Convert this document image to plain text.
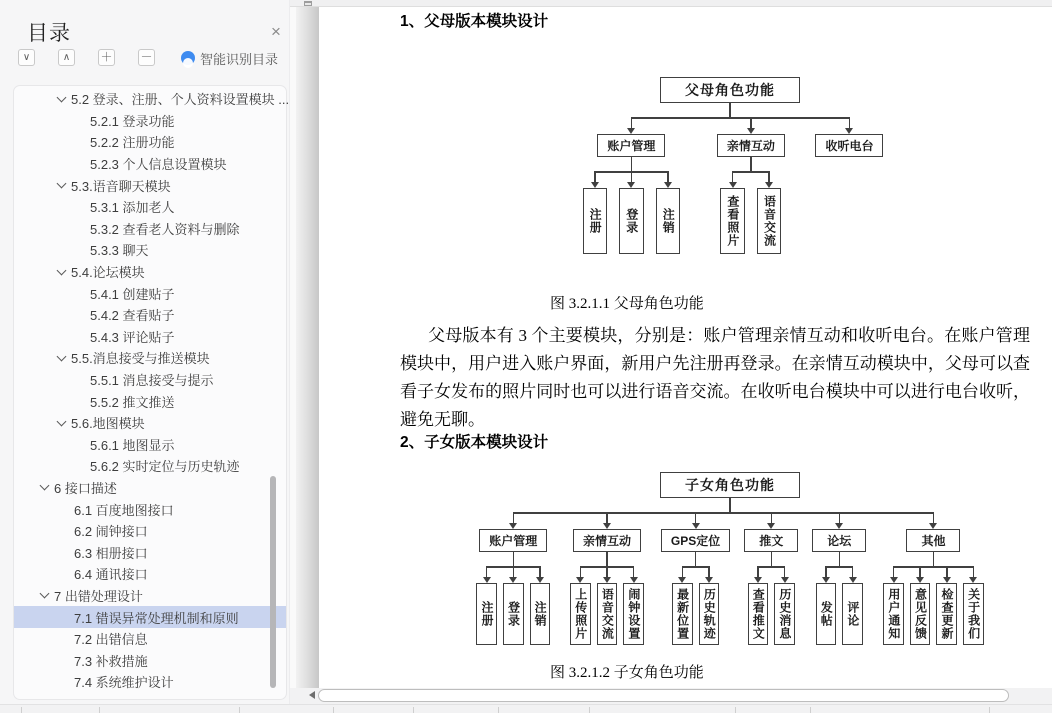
目录	×
∨	∧	＋ －	智能识别目录
5.2 登录、注册、个人资料设置模块 ...
5.2.1 登录功能
5.2.2 注册功能
5.2.3 个人信息设置模块
5.3.语音聊天模块
5.3.1 添加老人
5.3.2 查看老人资料与删除
5.3.3 聊天
5.4.论坛模块
5.4.1 创建贴子
5.4.2 查看贴子
5.4.3 评论贴子
5.5.消息接受与推送模块
5.5.1 消息接受与提示
5.5.2 推文推送
5.6.地图模块
5.6.1 地图显示
5.6.2 实时定位与历史轨迹
6 接口描述
6.1 百度地图接口
6.2 闹钟接口
6.3 相册接口
6.4 通讯接口
7 出错处理设计
7.1 错误异常处理机制和原则
7.2 出错信息
7.3 补救措施
7.4 系统维护设计
1、父母版本模块设计
父母角色功能
账户管理
注册	登录	注销
亲情互动
查看照片	语音交流
收听电台
图 3.2.1.1 父母角色功能
父母版本有 3 个主要模块，分别是：账户管理亲情互动和收听电台。在账户管理模块中，用户进入账户界面，新用户先注册再登录。在亲情互动模块中，父母可以查看子女发布的照片同时也可以进行语音交流。在收听电台模块中可以进行电台收听，避免无聊。
2、子女版本模块设计
子女角色功能
账户管理
注册 登录 注销
亲情互动
上传照片 语音交流 闹钟设置
GPS定位
最新位置 历史轨迹
推文
查看推文 历史消息
论坛
发帖 评论
其他
用户通知 意见反馈 检查更新 关于我们
图 3.2.1.2 子女角色功能
